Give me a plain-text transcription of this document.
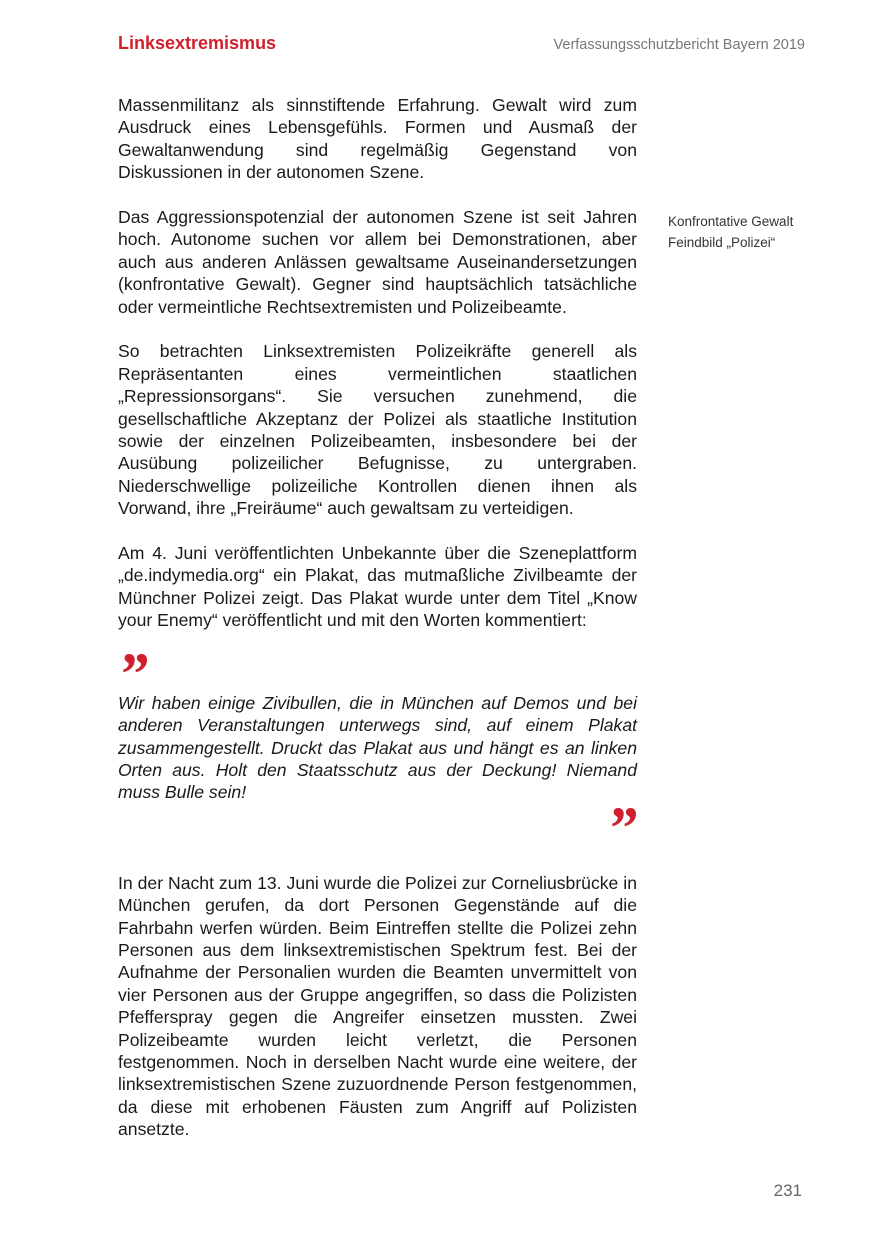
Linksextremismus	Verfassungsschutzbericht Bayern 2019
Konfrontative Gewalt
Feindbild „Polizei“

Massenmilitanz als sinnstiftende Erfahrung. Gewalt wird zum Ausdruck eines Lebensgefühls. Formen und Ausmaß der Gewaltanwendung sind regelmäßig Gegenstand von Diskussionen in der autonomen Szene.

Das Aggressionspotenzial der autonomen Szene ist seit Jahren hoch. Autonome suchen vor allem bei Demonstrationen, aber auch aus anderen Anlässen gewaltsame Auseinandersetzungen (konfrontative Gewalt). Gegner sind hauptsächlich tatsächliche oder vermeintliche Rechtsextremisten und Polizeibeamte.

So betrachten Linksextremisten Polizeikräfte generell als Repräsentanten eines vermeintlichen staatlichen „Repressionsorgans“. Sie versuchen zunehmend, die gesellschaftliche Akzeptanz der Polizei als staatliche Institution sowie der einzelnen Polizeibeamten, insbesondere bei der Ausübung polizeilicher Befugnisse, zu untergraben. Niederschwellige polizeiliche Kontrollen dienen ihnen als Vorwand, ihre „Freiräume“ auch gewaltsam zu verteidigen.

Am 4. Juni veröffentlichten Unbekannte über die Szeneplattform „de.indymedia.org“ ein Plakat, das mutmaßliche Zivilbeamte der Münchner Polizei zeigt. Das Plakat wurde unter dem Titel „Know your Enemy“ veröffentlicht und mit den Worten kommentiert:

”

Wir haben einige Zivibullen, die in München auf Demos und bei anderen Veranstaltungen unterwegs sind, auf einem Plakat zusammengestellt. Druckt das Plakat aus und hängt es an linken Orten aus. Holt den Staatsschutz aus der Deckung! Niemand muss Bulle sein!

”

In der Nacht zum 13. Juni wurde die Polizei zur Corneliusbrücke in München gerufen, da dort Personen Gegenstände auf die Fahrbahn werfen würden. Beim Eintreffen stellte die Polizei zehn Personen aus dem linksextremistischen Spektrum fest. Bei der Aufnahme der Personalien wurden die Beamten unvermittelt von vier Personen aus der Gruppe angegriffen, so dass die Polizisten Pfefferspray gegen die Angreifer einsetzen mussten. Zwei Polizeibeamte wurden leicht verletzt, die Personen festgenommen. Noch in derselben Nacht wurde eine weitere, der linksextremistischen Szene zuzuordnende Person festgenommen, da diese mit erhobenen Fäusten zum Angriff auf Polizisten ansetzte.

231
